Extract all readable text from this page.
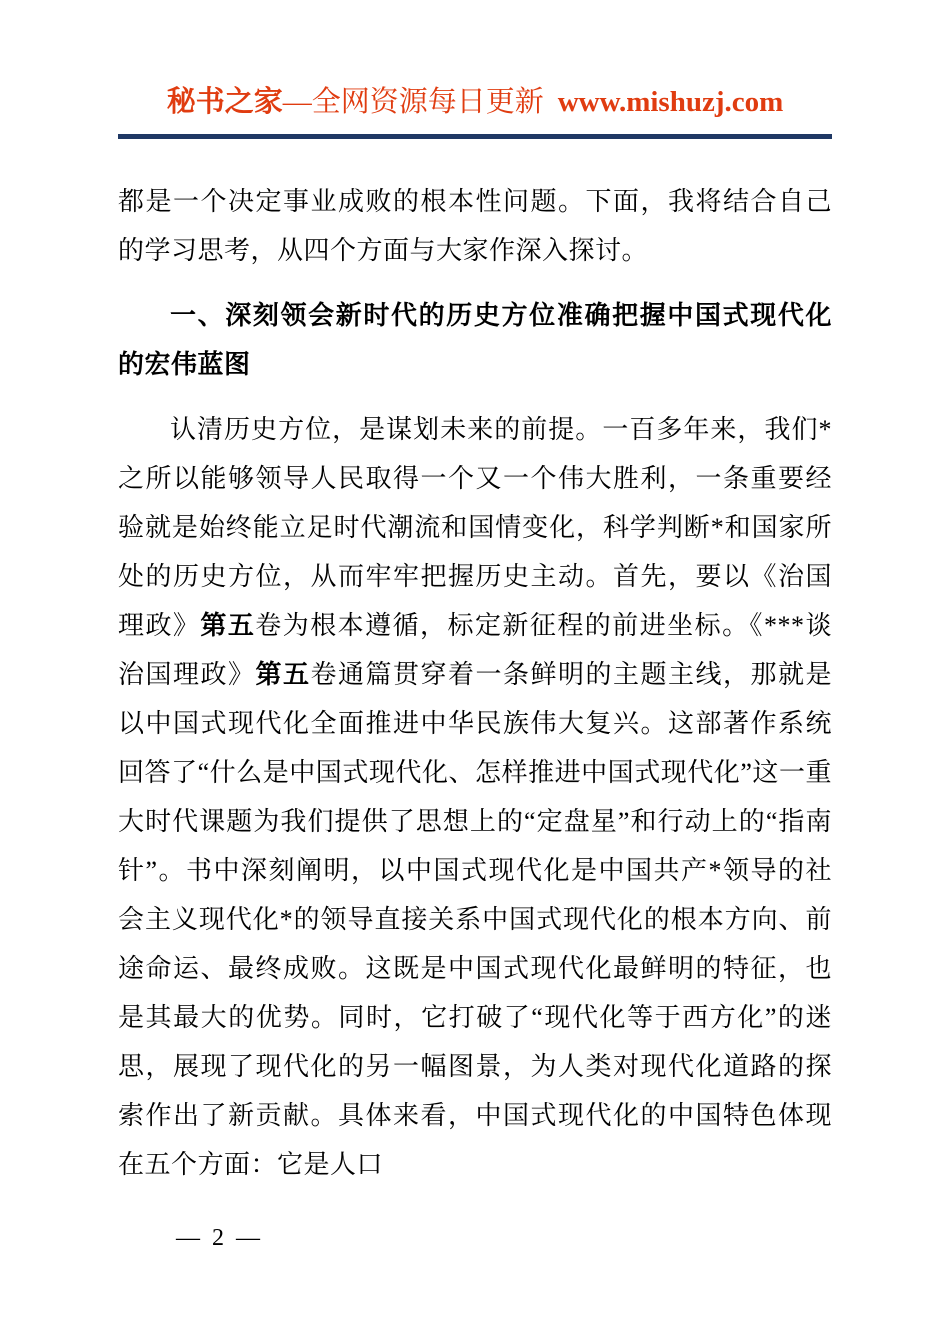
秘书之家—全网资源每日更新 www.mishuzj.com

都是一个决定事业成败的根本性问题。下面，我将结合自己的学习思考，从四个方面与大家作深入探讨。

一、深刻领会新时代的历史方位准确把握中国式现代化的宏伟蓝图

认清历史方位，是谋划未来的前提。一百多年来，我们*之所以能够领导人民取得一个又一个伟大胜利，一条重要经验就是始终能立足时代潮流和国情变化，科学判断*和国家所处的历史方位，从而牢牢把握历史主动。首先，要以《治国理政》第五卷为根本遵循，标定新征程的前进坐标。《***谈治国理政》第五卷通篇贯穿着一条鲜明的主题主线，那就是以中国式现代化全面推进中华民族伟大复兴。这部著作系统回答了“什么是中国式现代化、怎样推进中国式现代化”这一重大时代课题为我们提供了思想上的“定盘星”和行动上的“指南针”。书中深刻阐明，以中国式现代化是中国共产*领导的社会主义现代化*的领导直接关系中国式现代化的根本方向、前途命运、最终成败。这既是中国式现代化最鲜明的特征，也是其最大的优势。同时，它打破了“现代化等于西方化”的迷思，展现了现代化的另一幅图景，为人类对现代化道路的探索作出了新贡献。具体来看，中国式现代化的中国特色体现在五个方面：它是人口

— 2 —
